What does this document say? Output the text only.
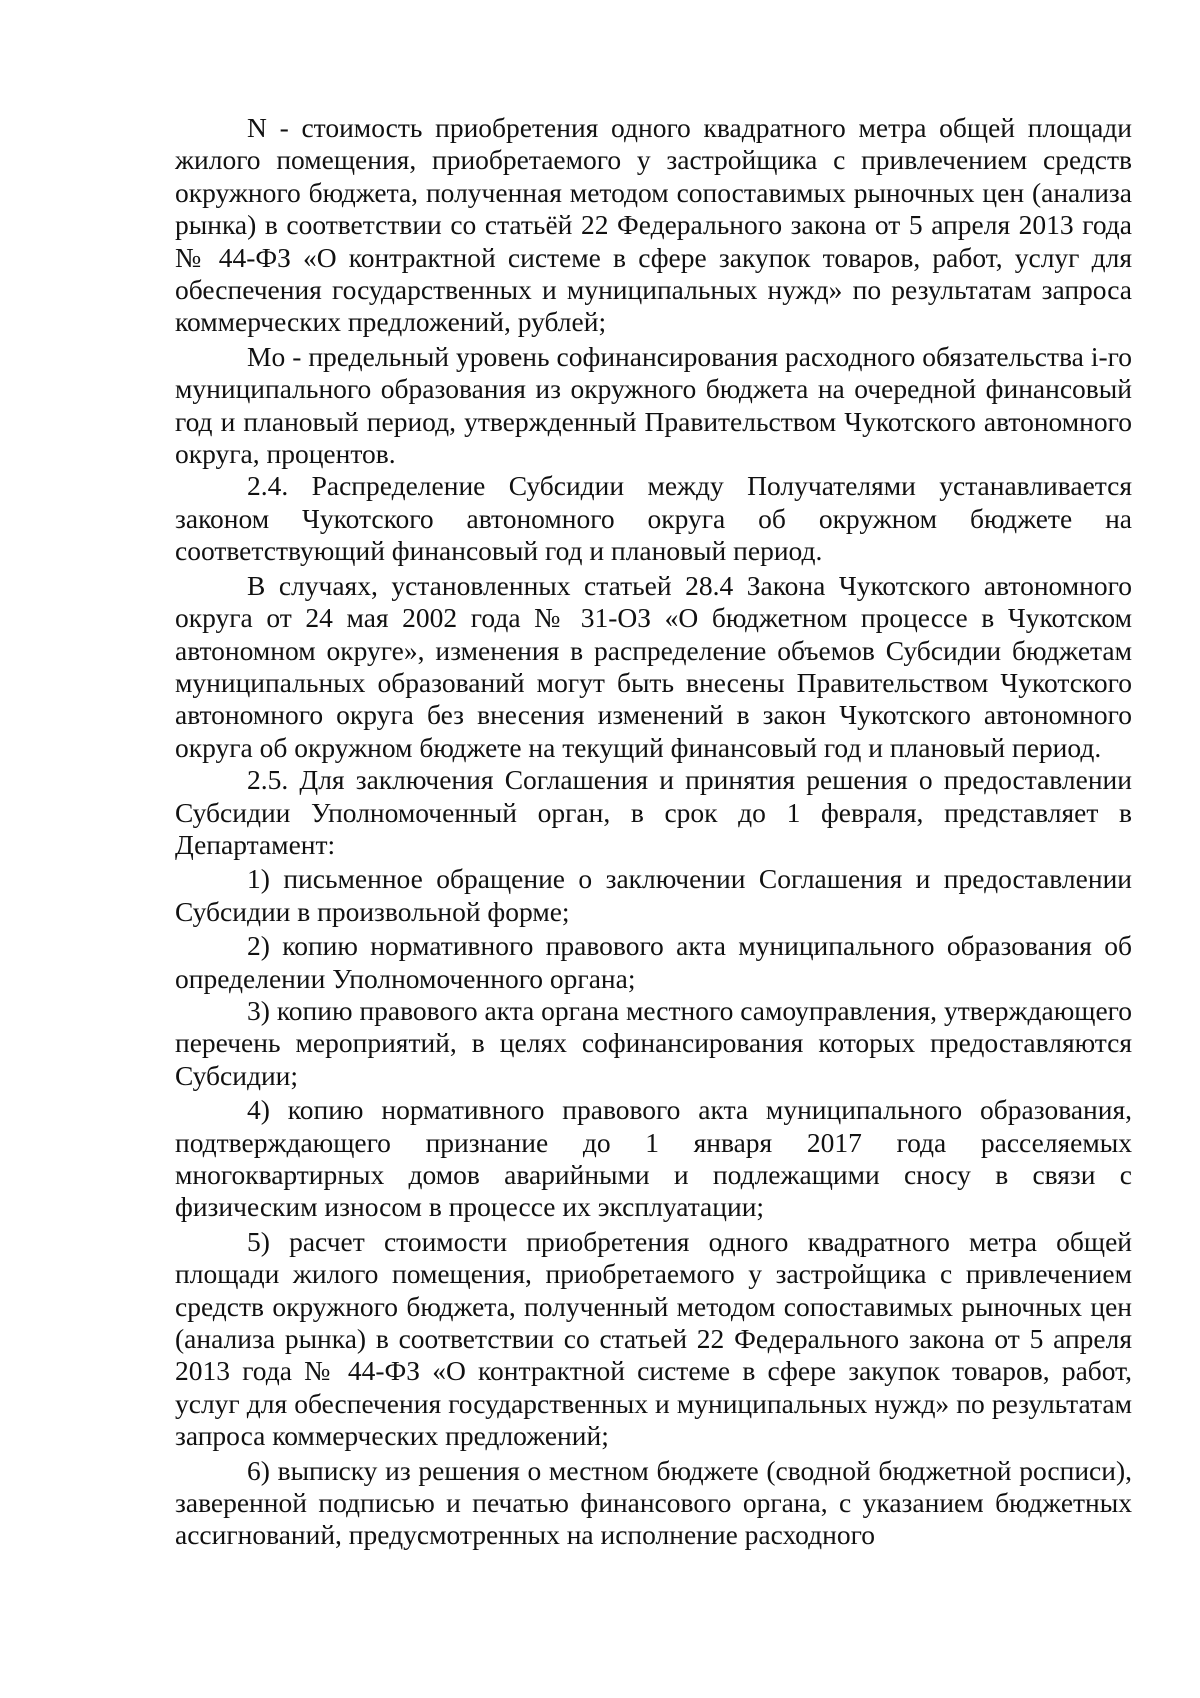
N - стоимость приобретения одного квадратного метра общей площади жилого помещения, приобретаемого у застройщика с привлечением средств окружного бюджета, полученная методом сопоставимых рыночных цен (анализа рынка) в соответствии со статьёй 22 Федерального закона от 5 апреля 2013 года № 44-ФЗ «О контрактной системе в сфере закупок товаров, работ, услуг для обеспечения государственных и муниципальных нужд» по результатам запроса коммерческих предложений, рублей;

Mo - предельный уровень софинансирования расходного обязательства i-го муниципального образования из окружного бюджета на очередной финансовый год и плановый период, утвержденный Правительством Чукотского автономного округа, процентов.

2.4. Распределение Субсидии между Получателями устанавливается законом Чукотского автономного округа об окружном бюджете на соответствующий финансовый год и плановый период.

В случаях, установленных статьей 28.4 Закона Чукотского автономного округа от 24 мая 2002 года № 31-ОЗ «О бюджетном процессе в Чукотском автономном округе», изменения в распределение объемов Субсидии бюджетам муниципальных образований могут быть внесены Правительством Чукотского автономного округа без внесения изменений в закон Чукотского автономного округа об окружном бюджете на текущий финансовый год и плановый период.

2.5. Для заключения Соглашения и принятия решения о предоставлении Субсидии Уполномоченный орган, в срок до 1 февраля, представляет в Департамент:

1) письменное обращение о заключении Соглашения и предоставлении Субсидии в произвольной форме;

2) копию нормативного правового акта муниципального образования об определении Уполномоченного органа;

3) копию правового акта органа местного самоуправления, утверждающего перечень мероприятий, в целях софинансирования которых предоставляются Субсидии;

4) копию нормативного правового акта муниципального образования, подтверждающего признание до 1 января 2017 года расселяемых многоквартирных домов аварийными и подлежащими сносу в связи с физическим износом в процессе их эксплуатации;

5) расчет стоимости приобретения одного квадратного метра общей площади жилого помещения, приобретаемого у застройщика с привлечением средств окружного бюджета, полученный методом сопоставимых рыночных цен (анализа рынка) в соответствии со статьей 22 Федерального закона от 5 апреля 2013 года № 44-ФЗ «О контрактной системе в сфере закупок товаров, работ, услуг для обеспечения государственных и муниципальных нужд» по результатам запроса коммерческих предложений;

6) выписку из решения о местном бюджете (сводной бюджетной росписи), заверенной подписью и печатью финансового органа, с указанием бюджетных ассигнований, предусмотренных на исполнение расходного
